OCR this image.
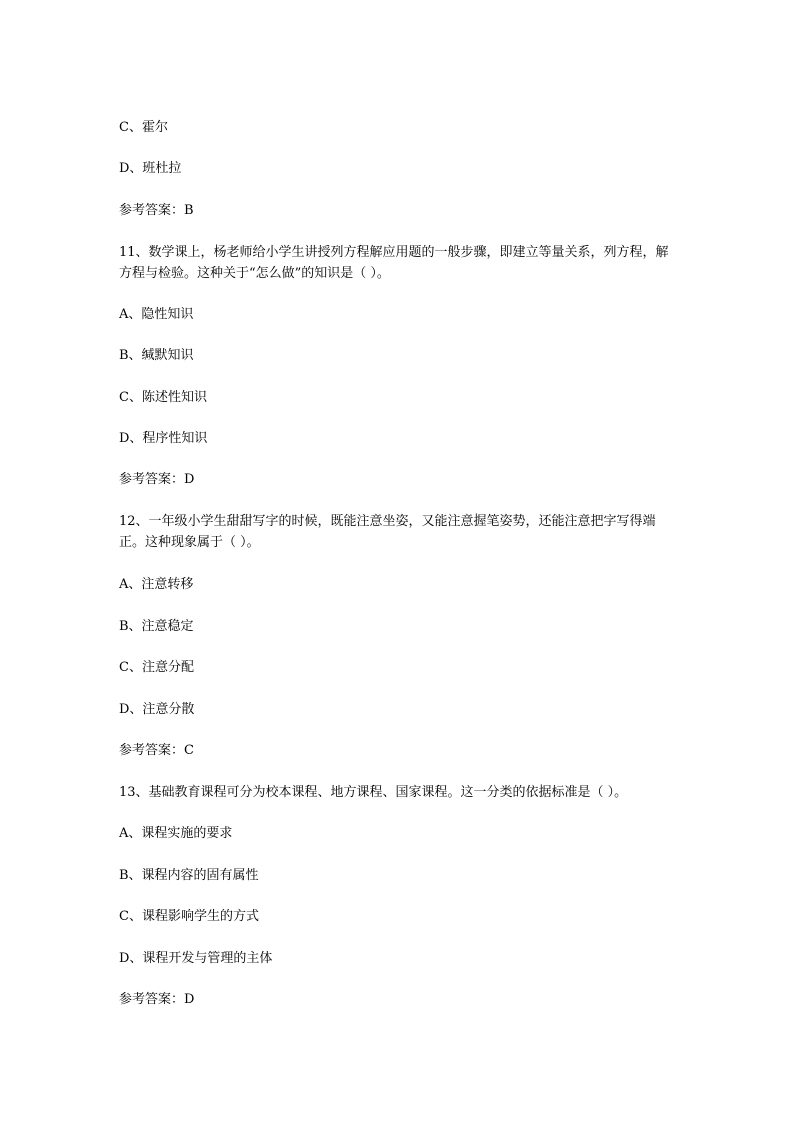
C、霍尔
D、班杜拉
参考答案：B
11、数学课上，杨老师给小学生讲授列方程解应用题的一般步骤，即建立等量关系，列方程，解方程与检验。这种关于“怎么做”的知识是（ ）。
A、隐性知识
B、缄默知识
C、陈述性知识
D、程序性知识
参考答案：D
12、一年级小学生甜甜写字的时候，既能注意坐姿，又能注意握笔姿势，还能注意把字写得端正。这种现象属于（ ）。
A、注意转移
B、注意稳定
C、注意分配
D、注意分散
参考答案：C
13、基础教育课程可分为校本课程、地方课程、国家课程。这一分类的依据标准是（ ）。
A、课程实施的要求
B、课程内容的固有属性
C、课程影响学生的方式
D、课程开发与管理的主体
参考答案：D
